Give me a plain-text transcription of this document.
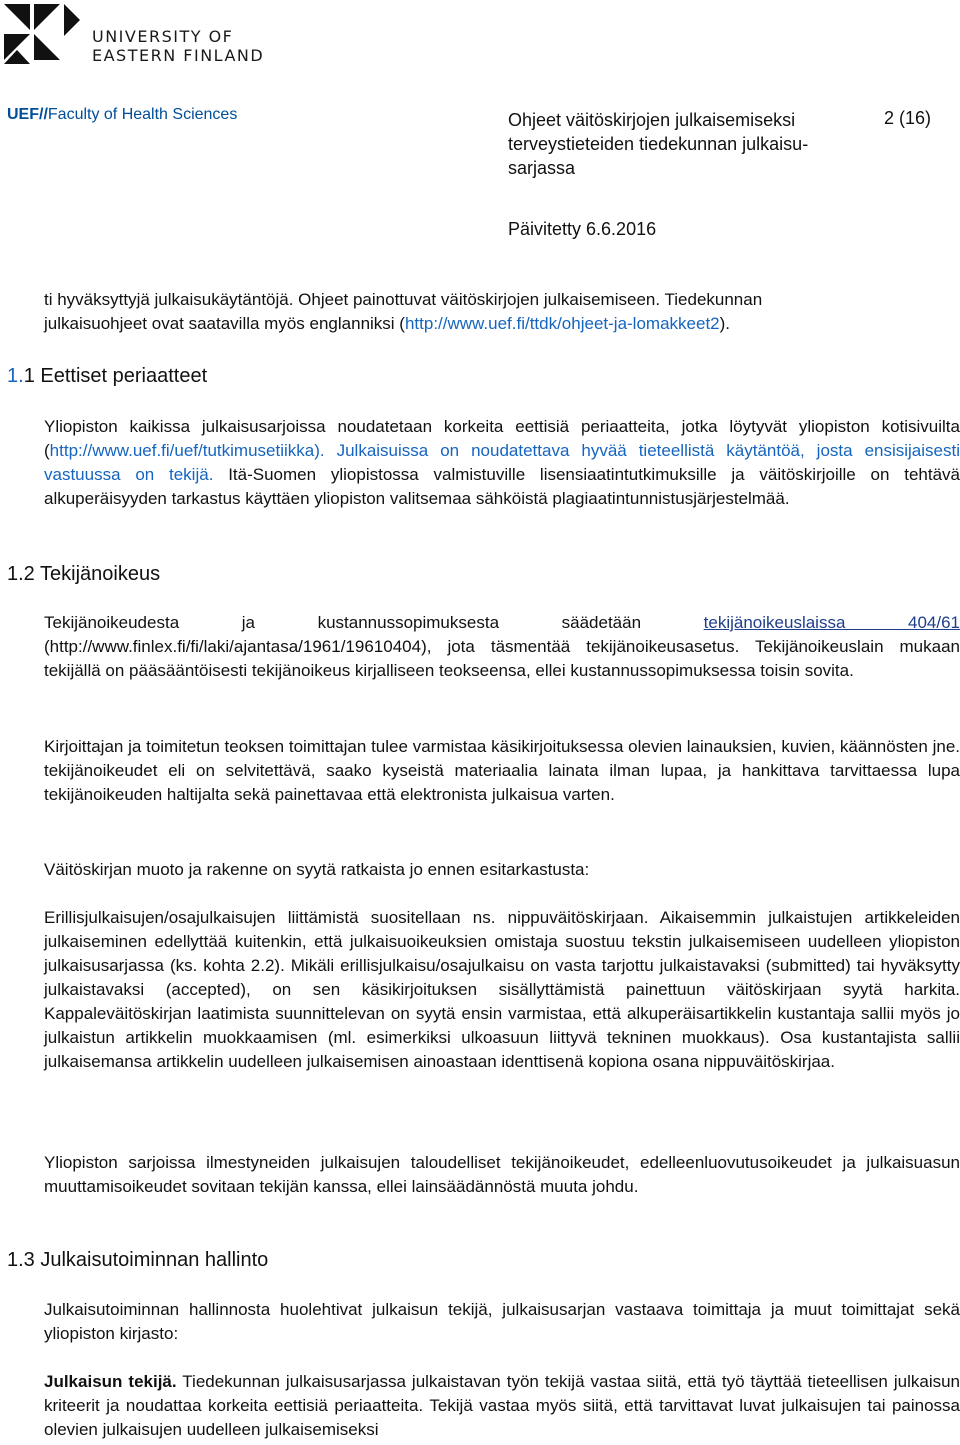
UNIVERSITY OF
EASTERN FINLAND
UEF//Faculty of Health Sciences	Ohjeet väitöskirjojen julkaisemiseksi
terveystieteiden tiedekunnan julkaisu-
sarjassa
2 (16)
Päivitetty 6.6.2016
ti hyväksyttyjä julkaisukäytäntöjä. Ohjeet painottuvat väitöskirjojen julkaisemiseen. Tiedekunnan
julkaisuohjeet ovat saatavilla myös englanniksi (http://www.uef.fi/ttdk/ohjeet-ja-lomakkeet2).
1.1 Eettiset periaatteet
Yliopiston kaikissa julkaisusarjoissa noudatetaan korkeita eettisiä periaatteita, jotka löytyvät yliopiston kotisivuilta (http://www.uef.fi/uef/tutkimusetiikka). Julkaisuissa on noudatettava hyvää tieteellistä käytäntöä, josta ensisijaisesti vastuussa on tekijä. Itä-Suomen yliopistossa valmistuville lisensiaatintutkimuksille ja väitöskirjoille on tehtävä alkuperäisyyden tarkastus käyttäen yliopiston valitsemaa sähköistä plagiaatintunnistusjärjestelmää.
1.2 Tekijänoikeus
Tekijänoikeudesta ja kustannussopimuksesta säädetään tekijänoikeuslaissa 404/61 (http://www.finlex.fi/fi/laki/ajantasa/1961/19610404), jota täsmentää tekijänoikeusasetus. Tekijänoikeuslain mukaan tekijällä on pääsääntöisesti tekijänoikeus kirjalliseen teokseensa, ellei kustannussopimuksessa toisin sovita.
Kirjoittajan ja toimitetun teoksen toimittajan tulee varmistaa käsikirjoituksessa olevien lainauksien, kuvien, käännösten jne. tekijänoikeudet eli on selvitettävä, saako kyseistä materiaalia lainata ilman lupaa, ja hankittava tarvittaessa lupa tekijänoikeuden haltijalta sekä painettavaa että elektronista julkaisua varten.
Väitöskirjan muoto ja rakenne on syytä ratkaista jo ennen esitarkastusta:
Erillisjulkaisujen/osajulkaisujen liittämistä suositellaan ns. nippuväitöskirjaan. Aikaisemmin julkaistujen artikkeleiden julkaiseminen edellyttää kuitenkin, että julkaisuoikeuksien omistaja suostuu tekstin julkaisemiseen uudelleen yliopiston julkaisusarjassa (ks. kohta 2.2). Mikäli erillisjulkaisu/osajulkaisu on vasta tarjottu julkaistavaksi (submitted) tai hyväksytty julkaistavaksi (accepted), on sen käsikirjoituksen sisällyttämistä painettuun väitöskirjaan syytä harkita. Kappaleväitöskirjan laatimista suunnittelevan on syytä ensin varmistaa, että alkuperäisartikkelin kustantaja sallii myös jo julkaistun artikkelin muokkaamisen (ml. esimerkiksi ulkoasuun liittyvä tekninen muokkaus). Osa kustantajista sallii julkaisemansa artikkelin uudelleen julkaisemisen ainoastaan identtisenä kopiona osana nippuväitöskirjaa.
Yliopiston sarjoissa ilmestyneiden julkaisujen taloudelliset tekijänoikeudet, edelleenluovutusoikeudet ja julkaisuasun muuttamisoikeudet sovitaan tekijän kanssa, ellei lainsäädännöstä muuta johdu.
1.3 Julkaisutoiminnan hallinto
Julkaisutoiminnan hallinnosta huolehtivat julkaisun tekijä, julkaisusarjan vastaava toimittaja ja muut toimittajat sekä yliopiston kirjasto:
Julkaisun tekijä. Tiedekunnan julkaisusarjassa julkaistavan työn tekijä vastaa siitä, että työ täyttää tieteellisen julkaisun kriteerit ja noudattaa korkeita eettisiä periaatteita. Tekijä vastaa myös siitä, että tarvittavat luvat julkaisujen tai painossa olevien julkaisujen uudelleen julkaisemiseksi
